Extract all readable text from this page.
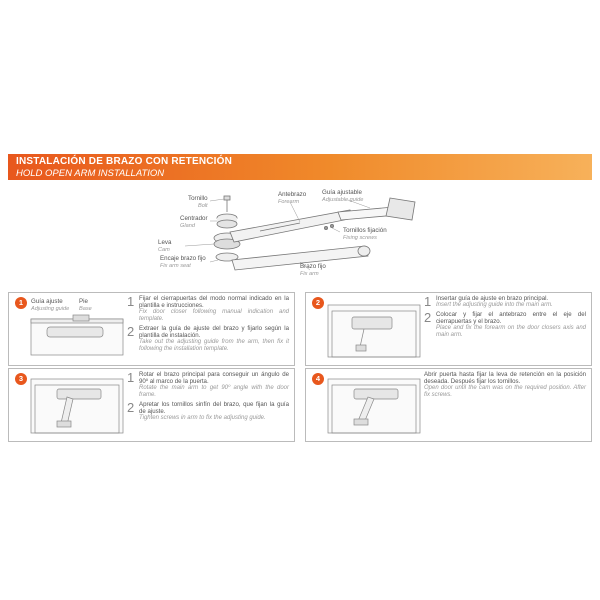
INSTALACIÓN DE BRAZO CON RETENCIÓN
HOLD OPEN ARM INSTALLATION
Tornillo
Bolt
Centrador
Gland
Leva
Cam
Encaje brazo fijo
Fix arm seat
Antebrazo
Forearm
Guía ajustable
Adjustable guide
Tornillos fijación
Fixing screws
Brazo fijo
Fix arm
1	Guía ajuste
Adjusting guide
Pie
Base	1 Fijar el cierrapuertas del modo normal indicado en la plantilla e instrucciones.
Fix door closer following manual indication and template.
2 Extraer la guía de ajuste del brazo y fijarlo según la plantilla de instalación.
Take out the adjusting guide from the arm, then fix it following the installation template.
2	1 Insertar guía de ajuste en brazo principal.
Insert the adjusting guide into the main arm.
2 Colocar y fijar el antebrazo entre el eje del cierrapuertas y el brazo.
Place and fix the forearm on the door closers axis and main arm.
3	1 Rotar el brazo principal para conseguir un ángulo de 90º al marco de la puerta.
Rotate the main arm to get 90º angle with the door frame.
2 Apretar los tornillos sinfín del brazo, que fijan la guía de ajuste.
Tighten screws in arm to fix the adjusting guide.
4	Abrir puerta hasta fijar la leva de retención en la posición deseada. Después fijar los tornillos.
Open door until the cam was on the required position. After fix screws.
